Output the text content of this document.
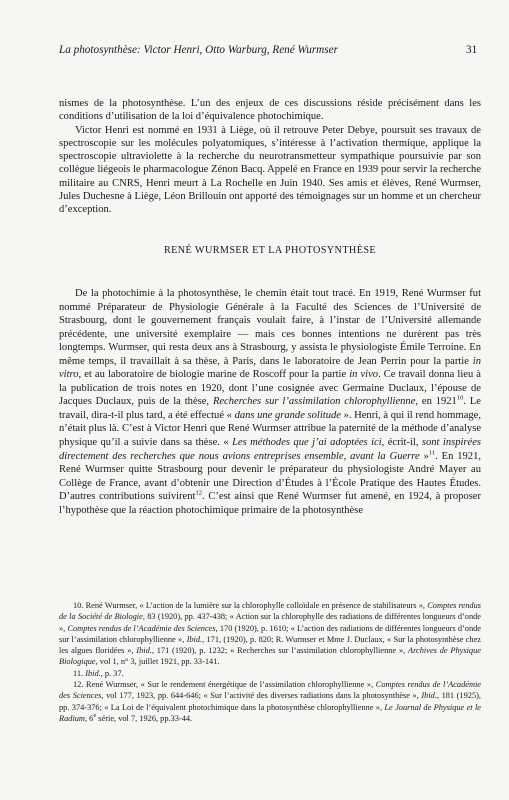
La photosynthèse: Victor Henri, Otto Warburg, René Wurmser	31

nismes de la photosynthèse. L’un des enjeux de ces discussions réside précisément dans les conditions d’utilisation de la loi d’équivalence photochimique.

Victor Henri est nommé en 1931 à Liège, où il retrouve Peter Debye, poursuit ses travaux de spectroscopie sur les molécules polyatomiques, s’intéresse à l’activation thermique, applique la spectroscopie ultraviolette à la recherche du neurotransmetteur sympathique poursuivie par son collègue liégeois le pharmacologue Zénon Bacq. Appelé en France en 1939 pour servir la recherche militaire au CNRS, Henri meurt à La Rochelle en Juin 1940. Ses amis et élèves, René Wurmser, Jules Duchesne à Liège, Léon Brillouin ont apporté des témoignages sur un homme et un chercheur d’exception.

RENÉ WURMSER ET LA PHOTOSYNTHÈSE

De la photochimie à la photosynthèse, le chemin était tout tracé. En 1919, René Wurmser fut nommé Préparateur de Physiologie Générale à la Faculté des Sciences de l’Université de Strasbourg, dont le gouvernement français voulait faire, à l’instar de l’Université allemande précédente, une université exemplaire — mais ces bonnes intentions ne durèrent pas très longtemps. Wurmser, qui resta deux ans à Strasbourg, y assista le physiologiste Émile Terroine. En même temps, il travaillait à sa thèse, à Paris, dans le laboratoire de Jean Perrin pour la partie in vitro, et au laboratoire de biologie marine de Roscoff pour la partie in vivo. Ce travail donna lieu à la publication de trois notes en 1920, dont l’une cosignée avec Germaine Duclaux, l’épouse de Jacques Duclaux, puis de la thèse, Recherches sur l’assimilation chlorophyllienne, en 1921$^{10}$. Le travail, dira-t-il plus tard, a été effectué « dans une grande solitude ». Henri, à qui il rend hommage, n’était plus là. C’est à Victor Henri que René Wurmser attribue la paternité de la méthode d’analyse physique qu’il a suivie dans sa thèse. « Les méthodes que j’ai adoptées ici, écrit-il, sont inspirées directement des recherches que nous avions entreprises ensemble, avant la Guerre »$^{11}$. En 1921, René Wurmser quitte Strasbourg pour devenir le préparateur du physiologiste André Mayer au Collège de France, avant d’obtenir une Direction d’Études à l’École Pratique des Hautes Études. D’autres contributions suivirent$^{12}$. C’est ainsi que René Wurmser fut amené, en 1924, à proposer l’hypothèse que la réaction photochimique primaire de la photosynthèse

10. René Wurmser, « L’action de la lumière sur la chlorophylle colloïdale en présence de stabilisateurs », Comptes rendus de la Société de Biologie, 83 (1920), pp. 437-438; « Action sur la chlorophylle des radiations de différentes longueurs d’onde », Comptes rendus de l’Académie des Sciences, 170 (1920), p. 1610; « L’action des radiations de différentes longueurs d’onde sur l’assimilation chlorophyllienne », Ibid., 171, (1920), p. 820; R. Wurmser et Mme J. Duclaux, « Sur la photosynthèse chez les algues floridées », Ibid., 171 (1920), p. 1232; « Recherches sur l’assimilation chlorophyllienne », Archives de Physique Biologique, vol 1, n° 3, juillet 1921, pp. 33-141.

11. Ibid., p. 37.

12. René Wurmser, « Sur le rendement énergétique de l’assimilation chlorophyllienne », Comptes rendus de l’Académie des Sciences, vol 177, 1923, pp. 644-646; « Sur l’activité des diverses radiations dans la photosynthèse », Ibid., 181 (1925), pp. 374-376; « La Loi de l’équivalent photochimique dans la photosynthèse chlorophyllienne », Le Journal de Physique et le Radium, 6e série, vol 7, 1926, pp.33-44.
